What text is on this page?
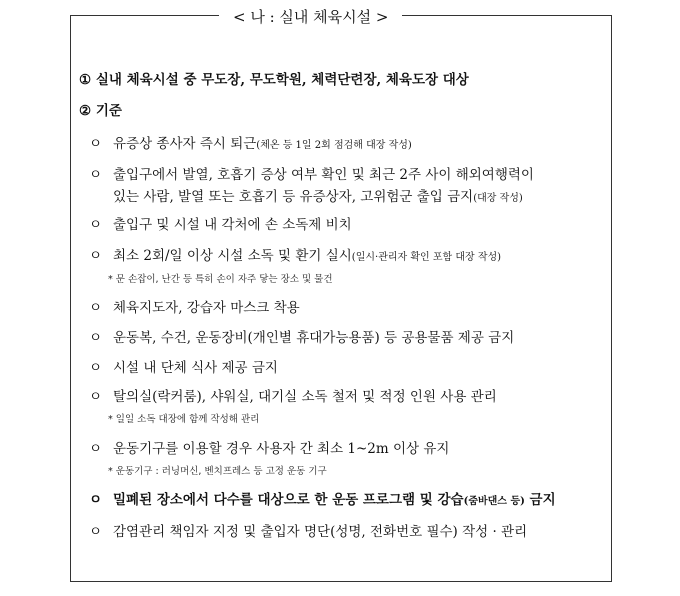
< 나 : 실내 체육시설 >
① 실내 체육시설 중 무도장, 무도학원, 체력단련장, 체육도장 대상
② 기준
ㅇ 유증상 종사자 즉시 퇴근(체온 등 1일 2회 점검해 대장 작성)
ㅇ 출입구에서 발열, 호흡기 증상 여부 확인 및 최근 2주 사이 해외여행력이
있는 사람, 발열 또는 호흡기 등 유증상자, 고위험군 출입 금지(대장 작성)
ㅇ 출입구 및 시설 내 각처에 손 소독제 비치
ㅇ 최소 2회/일 이상 시설 소독 및 환기 실시(일시·관리자 확인 포함 대장 작성)
* 문 손잡이, 난간 등 특히 손이 자주 닿는 장소 및 물건
ㅇ 체육지도자, 강습자 마스크 착용
ㅇ 운동복, 수건, 운동장비(개인별 휴대가능용품) 등 공용물품 제공 금지
ㅇ 시설 내 단체 식사 제공 금지
ㅇ 탈의실(락커룸), 샤워실, 대기실 소독 철저 및 적정 인원 사용 관리
* 일일 소독 대장에 함께 작성해 관리
ㅇ 운동기구를 이용할 경우 사용자 간 최소 1~2m 이상 유지
* 운동기구 : 러닝머신, 벤치프레스 등 고정 운동 기구
ㅇ 밀폐된 장소에서 다수를 대상으로 한 운동 프로그램 및 강습(줌바댄스 등) 금지
ㅇ 감염관리 책임자 지정 및 출입자 명단(성명, 전화번호 필수) 작성 · 관리
